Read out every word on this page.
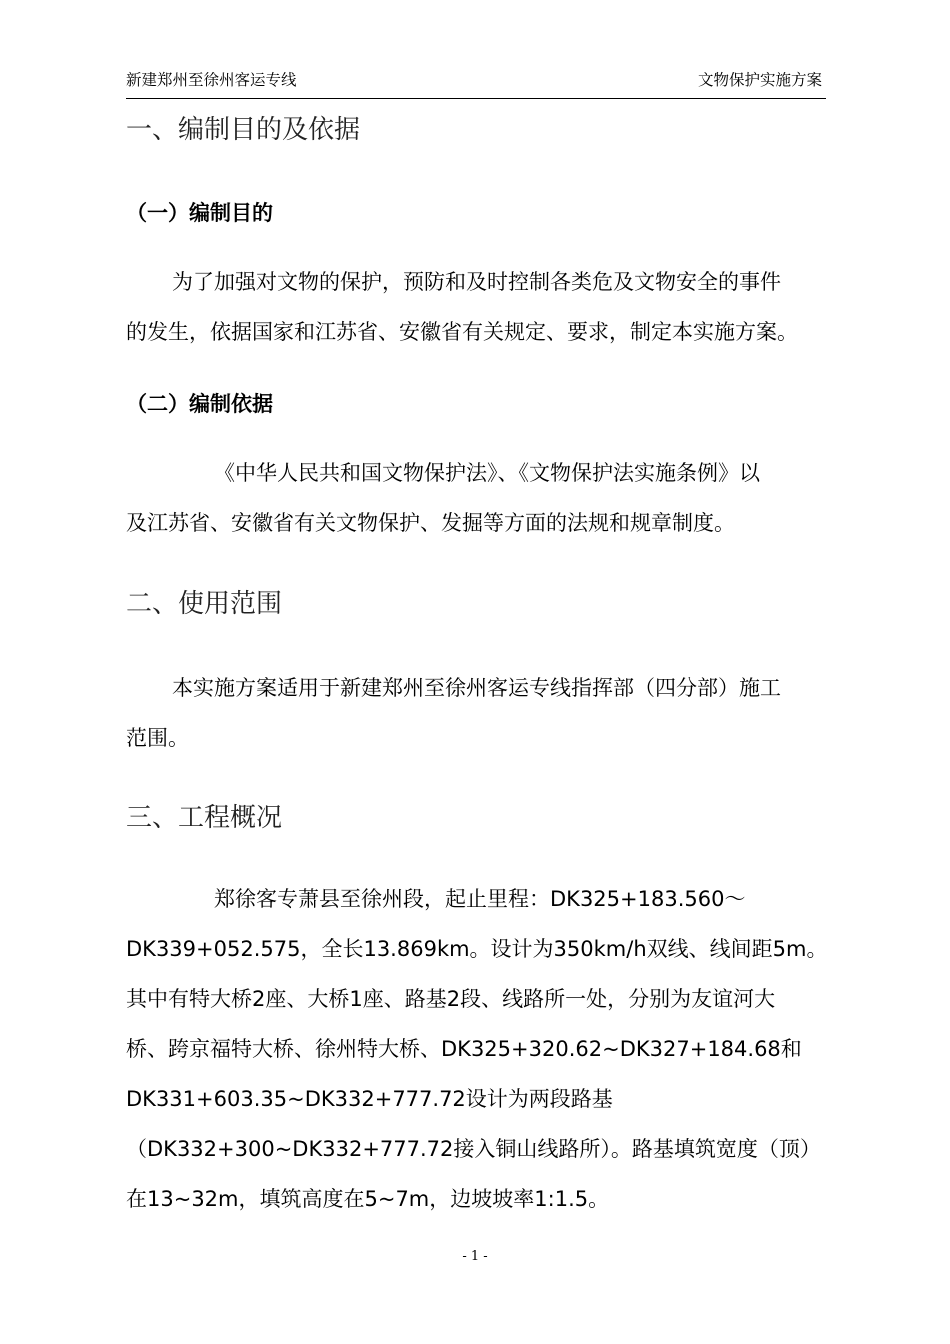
新建郑州至徐州客运专线	文物保护实施方案
一、编制目的及依据
（一）编制目的
为了加强对文物的保护，预防和及时控制各类危及文物安全的事件
的发生，依据国家和江苏省、安徽省有关规定、要求，制定本实施方案。
（二）编制依据
《中华人民共和国文物保护法》、《文物保护法实施条例》以
及江苏省、安徽省有关文物保护、发掘等方面的法规和规章制度。
二、使用范围
本实施方案适用于新建郑州至徐州客运专线指挥部（四分部）施工
范围。
三、工程概况
郑徐客专萧县至徐州段，起止里程：DK325+183.560～
DK339+052.575，全长13.869km。设计为350km/h双线、线间距5m。
其中有特大桥2座、大桥1座、路基2段、线路所一处，分别为友谊河大
桥、跨京福特大桥、徐州特大桥、DK325+320.62~DK327+184.68和
DK331+603.35~DK332+777.72设计为两段路基
（DK332+300~DK332+777.72接入铜山线路所）。路基填筑宽度（顶）
在13~32m，填筑高度在5~7m，边坡坡率1:1.5。
- 1 -
